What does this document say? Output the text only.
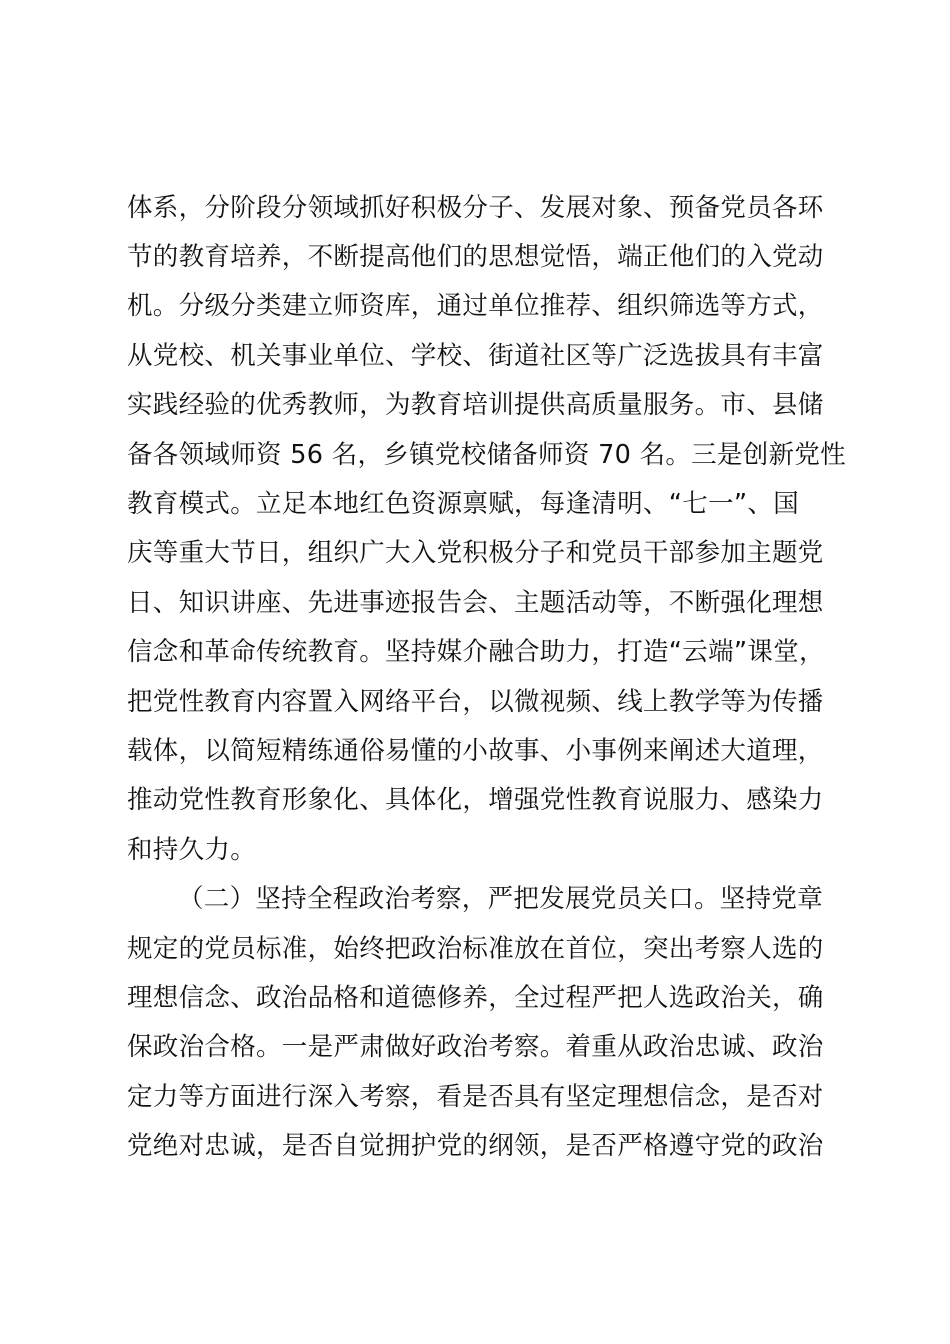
体系，分阶段分领域抓好积极分子、发展对象、预备党员各环
节的教育培养，不断提高他们的思想觉悟，端正他们的入党动
机。分级分类建立师资库，通过单位推荐、组织筛选等方式，
从党校、机关事业单位、学校、街道社区等广泛选拔具有丰富
实践经验的优秀教师，为教育培训提供高质量服务。市、县储
备各领域师资 56 名，乡镇党校储备师资 70 名。三是创新党性
教育模式。立足本地红色资源禀赋，每逢清明、“七一”、国
庆等重大节日，组织广大入党积极分子和党员干部参加主题党
日、知识讲座、先进事迹报告会、主题活动等，不断强化理想
信念和革命传统教育。坚持媒介融合助力，打造“云端”课堂，
把党性教育内容置入网络平台，以微视频、线上教学等为传播
载体，以简短精练通俗易懂的小故事、小事例来阐述大道理，
推动党性教育形象化、具体化，增强党性教育说服力、感染力
和持久力。
（二）坚持全程政治考察，严把发展党员关口。坚持党章
规定的党员标准，始终把政治标准放在首位，突出考察人选的
理想信念、政治品格和道德修养，全过程严把人选政治关，确
保政治合格。一是严肃做好政治考察。着重从政治忠诚、政治
定力等方面进行深入考察，看是否具有坚定理想信念，是否对
党绝对忠诚，是否自觉拥护党的纲领，是否严格遵守党的政治
